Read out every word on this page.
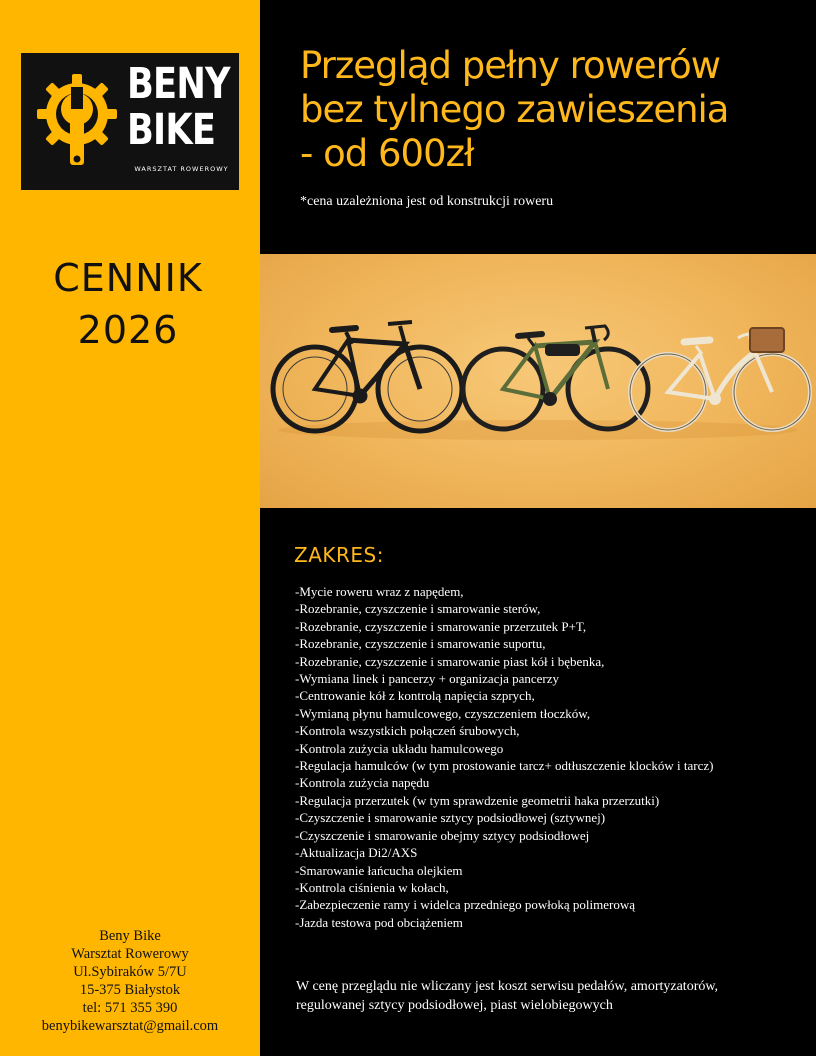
BENY
BIKE
WARSZTAT ROWEROWY
CENNIK
2026
Beny Bike
Warsztat Rowerowy
Ul.Sybiraków 5/7U
15-375 Białystok
tel: 571 355 390
benybikewarsztat@gmail.com
Przegląd pełny rowerów
bez tylnego zawieszenia
- od 600zł
*cena uzależniona jest od konstrukcji roweru
ZAKRES:
-Mycie roweru wraz z napędem,
-Rozebranie, czyszczenie i smarowanie sterów,
-Rozebranie, czyszczenie i smarowanie przerzutek P+T,
-Rozebranie, czyszczenie i smarowanie suportu,
-Rozebranie, czyszczenie i smarowanie piast kół i bębenka,
-Wymiana linek i pancerzy + organizacja pancerzy
-Centrowanie kół z kontrolą napięcia szprych,
-Wymianą płynu hamulcowego, czyszczeniem tłoczków,
-Kontrola wszystkich połączeń śrubowych,
-Kontrola zużycia układu hamulcowego
-Regulacja hamulców (w tym prostowanie tarcz+ odtłuszczenie klocków i tarcz)
-Kontrola zużycia napędu
-Regulacja przerzutek (w tym sprawdzenie geometrii haka przerzutki)
-Czyszczenie i smarowanie sztycy podsiodłowej (sztywnej)
-Czyszczenie i smarowanie obejmy sztycy podsiodłowej
-Aktualizacja Di2/AXS
-Smarowanie łańcucha olejkiem
-Kontrola ciśnienia w kołach,
-Zabezpieczenie ramy i widelca przedniego powłoką polimerową
-Jazda testowa pod obciążeniem
W cenę przeglądu nie wliczany jest koszt serwisu pedałów, amortyzatorów, regulowanej sztycy podsiodłowej, piast wielobiegowych
